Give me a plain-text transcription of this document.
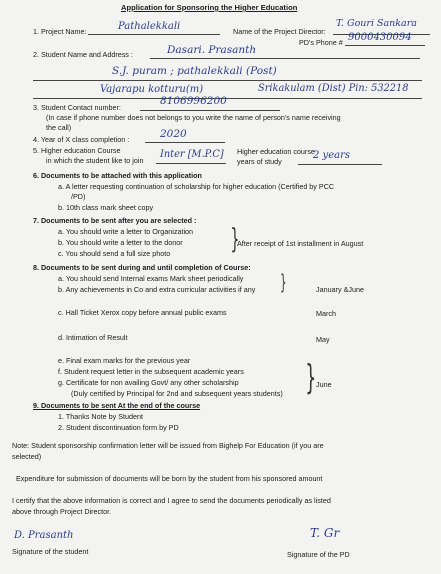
Application for Sponsoring the Higher Education
1. Project Name:	Pathalekkali	Name of the Project Director:
T. Gouri Sankara
PD's Phone # 9000430094
2. Student Name and Address :	Dasari. Prasanth
S.J. puram ; pathalekkali (Post)
Vajarapu kotturu(m)	Srikakulam (Dist) Pin: 532218
3. Student Contact number:
8106996200
(In case if phone number does not belongs to you write the name of person's name receiving
the call)
4. Year of X class completion :	2020
5. Higher education Course
in which the student like to join
Inter [M.P.C] Higher education course
years of study
2 years
6. Documents to be attached with this application
a. A letter requesting continuation of scholarship for higher education (Certified by PCC
/PD)
b. 10th class mark sheet copy
7. Documents to be sent after you are selected :
a. You should write a letter to Organization
b. You should write a letter to the donor
c. You should send a full size photo }
After receipt of 1st installment in August
8. Documents to be sent during and until completion of Course:
a. You should send Internal exams Mark sheet periodically
b. Any achievements in Co and extra curricular activities if any }	January &June
c. Hall Ticket Xerox copy before annual public exams	March
d. Intimation of Result	May
e. Final exam marks for the previous year
f. Student request letter in the subsequent academic years
g. Certificate for non availing Govt/ any other scholarship
(Duly certified by Principal for 2nd and subsequent years students) } June
9. Documents to be sent At the end of the course
1. Thanks Note by Student
2. Student discontinuation form by PD
Note: Student sponsorship confirmation letter will be issued from Bighelp For Education (if you are
selected)
Expenditure for submission of documents will be born by the student from his sponsored amount
I certify that the above information is correct and I agree to send the documents periodically as listed
above through Project Director.
D. Prasanth
Signature of the student
T. Gr
Signature of the PD
